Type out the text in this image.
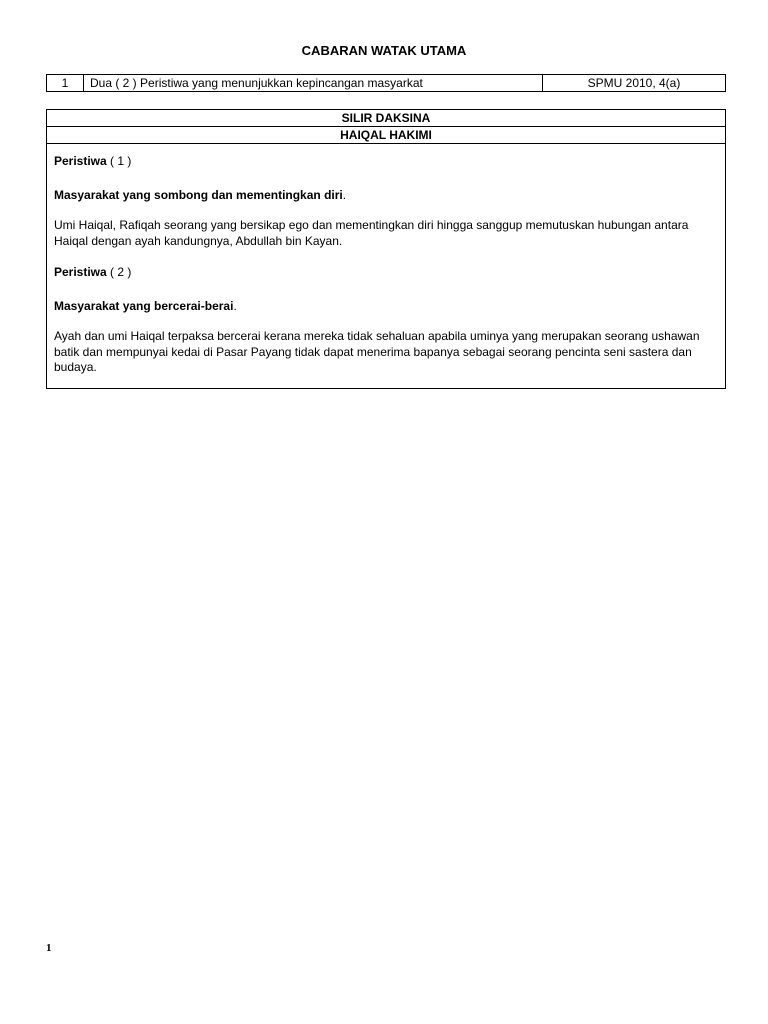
CABARAN WATAK UTAMA
1	Dua ( 2 ) Peristiwa yang menunjukkan kepincangan masyarkat	SPMU 2010, 4(a)
SILIR DAKSINA
HAIQAL HAKIMI

Peristiwa ( 1 )

Masyarakat yang sombong dan mementingkan diri.

Umi Haiqal, Rafiqah seorang yang bersikap ego dan mementingkan diri hingga sanggup memutuskan hubungan antara Haiqal dengan ayah kandungnya, Abdullah bin Kayan.

Peristiwa ( 2 )

Masyarakat yang bercerai-berai.

Ayah dan umi Haiqal terpaksa bercerai kerana mereka tidak sehaluan apabila uminya yang merupakan seorang ushawan batik dan mempunyai kedai di Pasar Payang tidak dapat menerima bapanya sebagai seorang pencinta seni sastera dan budaya.

1
